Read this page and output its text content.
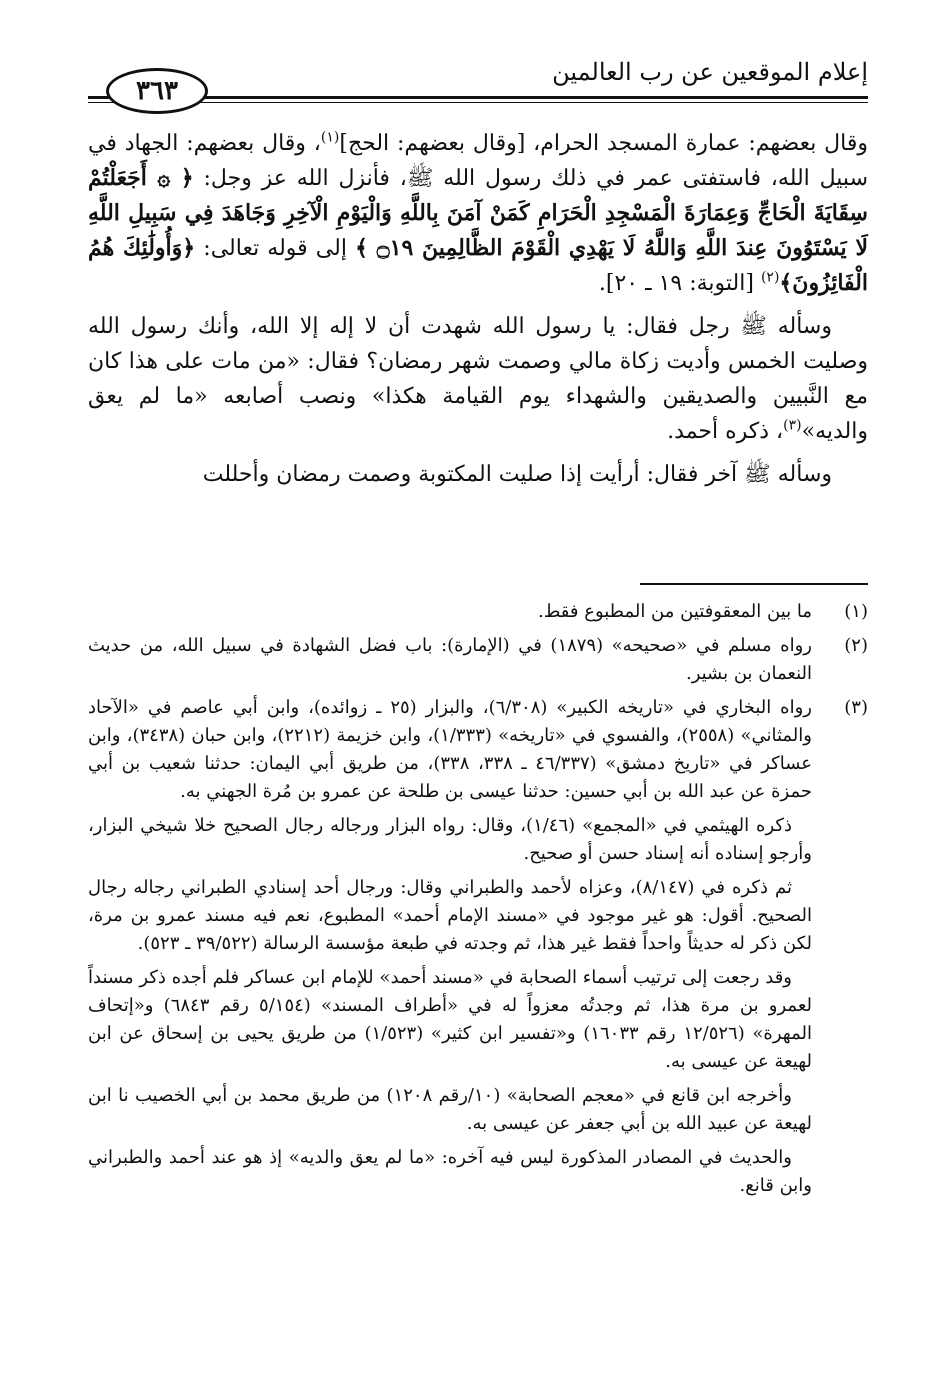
إعلام الموقعين عن رب العالمين
٣٦٣

وقال بعضهم: عمارة المسجد الحرام، [وقال بعضهم: الحج]$^{(١)}$، وقال بعضهم: الجهاد في سبيل الله، فاستفتى عمر في ذلك رسول الله ﷺ، فأنزل الله عز وجل: ﴿ ۞ أَجَعَلْتُمْ سِقَايَةَ الْحَاجِّ وَعِمَارَةَ الْمَسْجِدِ الْحَرَامِ كَمَنْ آمَنَ بِاللَّهِ وَالْيَوْمِ الْآخِرِ وَجَاهَدَ فِي سَبِيلِ اللَّهِ لَا يَسْتَوُونَ عِندَ اللَّهِ وَاللَّهُ لَا يَهْدِي الْقَوْمَ الظَّالِمِينَ ۝١٩ ﴾ إلى قوله تعالى: ﴿وَأُولَٰئِكَ هُمُ الْفَائِزُونَ﴾$^{(٢)}$ [التوبة: ١٩ ـ ٢٠].

وسأله ﷺ رجل فقال: يا رسول الله شهدت أن لا إله إلا الله، وأنك رسول الله وصليت الخمس وأديت زكاة مالي وصمت شهر رمضان؟ فقال: «من مات على هذا كان مع النَّبيين والصديقين والشهداء يوم القيامة هكذا» ونصب أصابعه «ما لم يعق والديه»$^{(٣)}$، ذكره أحمد.

وسأله ﷺ آخر فقال: أرأيت إذا صليت المكتوبة وصمت رمضان وأحللت

(١)
ما بين المعقوفتين من المطبوع فقط.
(٢)
رواه مسلم في «صحيحه» (١٨٧٩) في (الإمارة): باب فضل الشهادة في سبيل الله، من حديث النعمان بن بشير.
(٣)
رواه البخاري في «تاريخه الكبير» (٦/٣٠٨)، والبزار (٢٥ ـ زوائده)، وابن أبي عاصم في «الآحاد والمثاني» (٢٥٥٨)، والفسوي في «تاريخه» (١/٣٣٣)، وابن خزيمة (٢٢١٢)، وابن حبان (٣٤٣٨)، وابن عساكر في «تاريخ دمشق» (٤٦/٣٣٧ ـ ٣٣٨، ٣٣٨)، من طريق أبي اليمان: حدثنا شعيب بن أبي حمزة عن عبد الله بن أبي حسين: حدثنا عيسى بن طلحة عن عمرو بن مُرة الجهني به.
ذكره الهيثمي في «المجمع» (١/٤٦)، وقال: رواه البزار ورجاله رجال الصحيح خلا شيخي البزار، وأرجو إسناده أنه إسناد حسن أو صحيح.
ثم ذكره في (٨/١٤٧)، وعزاه لأحمد والطبراني وقال: ورجال أحد إسنادي الطبراني رجاله رجال الصحيح. أقول: هو غير موجود في «مسند الإمام أحمد» المطبوع، نعم فيه مسند عمرو بن مرة، لكن ذكر له حديثاً واحداً فقط غير هذا، ثم وجدته في طبعة مؤسسة الرسالة (٣٩/٥٢٢ ـ ٥٢٣).
وقد رجعت إلى ترتيب أسماء الصحابة في «مسند أحمد» للإمام ابن عساكر فلم أجده ذكر مسنداً لعمرو بن مرة هذا، ثم وجدتُه معزواً له في «أطراف المسند» (٥/١٥٤ رقم ٦٨٤٣) و«إتحاف المهرة» (١٢/٥٢٦ رقم ١٦٠٣٣) و«تفسير ابن كثير» (١/٥٢٣) من طريق يحيى بن إسحاق عن ابن لهيعة عن عيسى به.
وأخرجه ابن قانع في «معجم الصحابة» (١٠/رقم ١٢٠٨) من طريق محمد بن أبي الخصيب نا ابن لهيعة عن عبيد الله بن أبي جعفر عن عيسى به.
والحديث في المصادر المذكورة ليس فيه آخره: «ما لم يعق والديه» إذ هو عند أحمد والطبراني وابن قانع.
